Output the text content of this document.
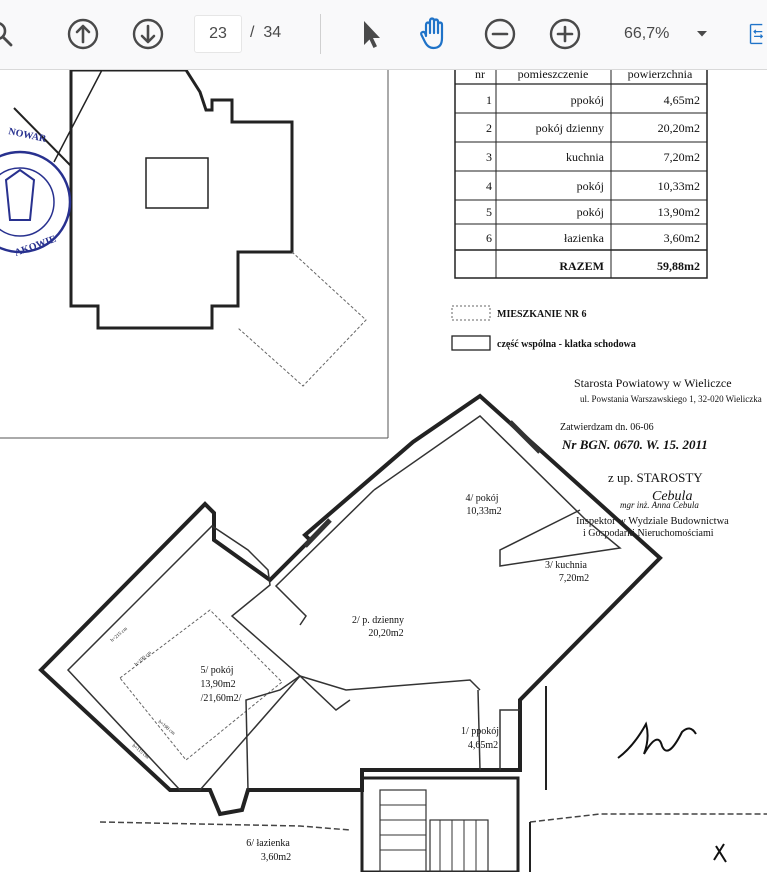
23
/ 34	66,7%
AKOWIE
NOWAR
nr	pomieszczenie	powierzchnia
1	ppokój	4,65m2
2	pokój dzienny	20,20m2
3	kuchnia	7,20m2
4	pokój	10,33m2
5	pokój	13,90m2
6	łazienka	3,60m2
RAZEM	59,88m2
MIESZKANIE NR 6
część wspólna - klatka schodowa
Starosta Powiatowy w Wieliczce
ul. Powstania Warszawskiego 1, 32-020 Wieliczka
Zatwierdzam dn. 06-06
Nr BGN. 0670. W. 15. 2011
z up. STAROSTY
Cebula
mgr inż. Anna Cebula
Inspektor w Wydziale Budownictwa
i Gospodarki Nieruchomościami
4/ pokój
10,33m2
3/ kuchnia
7,20m2
2/ p. dzienny
20,20m2
5/ pokój
13,90m2
/21,60m2/
1/ ppokój
4,65m2
6/ łazienka
3,60m2
h=215 cm
h=190 cm
h=190 cm
h=115 cm
